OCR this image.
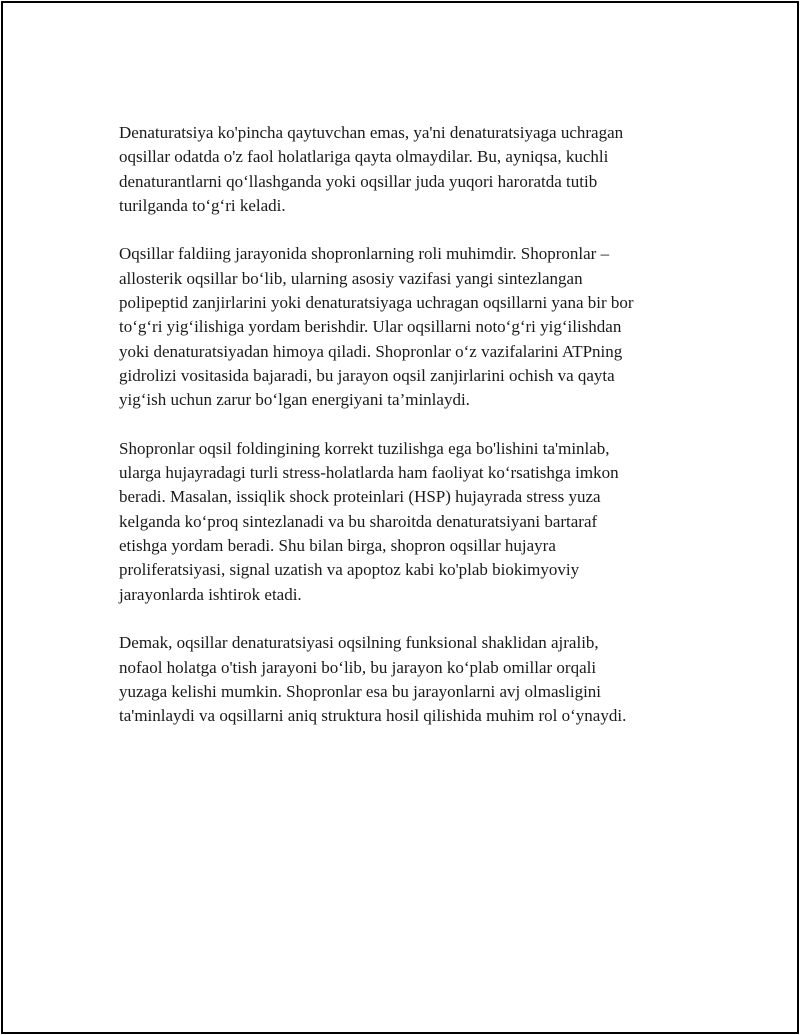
Denaturatsiya ko'pincha qaytuvchan emas, ya'ni denaturatsiyaga uchragan
oqsillar odatda o'z faol holatlariga qayta olmaydilar. Bu, ayniqsa, kuchli
denaturantlarni qo‘llashganda yoki oqsillar juda yuqori haroratda tutib
turilganda to‘g‘ri keladi.

Oqsillar faldiing jarayonida shopronlarning roli muhimdir. Shopronlar –
allosterik oqsillar bo‘lib, ularning asosiy vazifasi yangi sintezlangan
polipeptid zanjirlarini yoki denaturatsiyaga uchragan oqsillarni yana bir bor
to‘g‘ri yig‘ilishiga yordam berishdir. Ular oqsillarni noto‘g‘ri yig‘ilishdan
yoki denaturatsiyadan himoya qiladi. Shopronlar o‘z vazifalarini ATPning
gidrolizi vositasida bajaradi, bu jarayon oqsil zanjirlarini ochish va qayta
yig‘ish uchun zarur bo‘lgan energiyani ta’minlaydi.

Shopronlar oqsil foldingining korrekt tuzilishga ega bo'lishini ta'minlab,
ularga hujayradagi turli stress-holatlarda ham faoliyat ko‘rsatishga imkon
beradi. Masalan, issiqlik shock proteinlari (HSP) hujayrada stress yuza
kelganda ko‘proq sintezlanadi va bu sharoitda denaturatsiyani bartaraf
etishga yordam beradi. Shu bilan birga, shopron oqsillar hujayra
proliferatsiyasi, signal uzatish va apoptoz kabi ko'plab biokimyoviy
jarayonlarda ishtirok etadi.

Demak, oqsillar denaturatsiyasi oqsilning funksional shaklidan ajralib,
nofaol holatga o'tish jarayoni bo‘lib, bu jarayon ko‘plab omillar orqali
yuzaga kelishi mumkin. Shopronlar esa bu jarayonlarni avj olmasligini
ta'minlaydi va oqsillarni aniq struktura hosil qilishida muhim rol o‘ynaydi.
